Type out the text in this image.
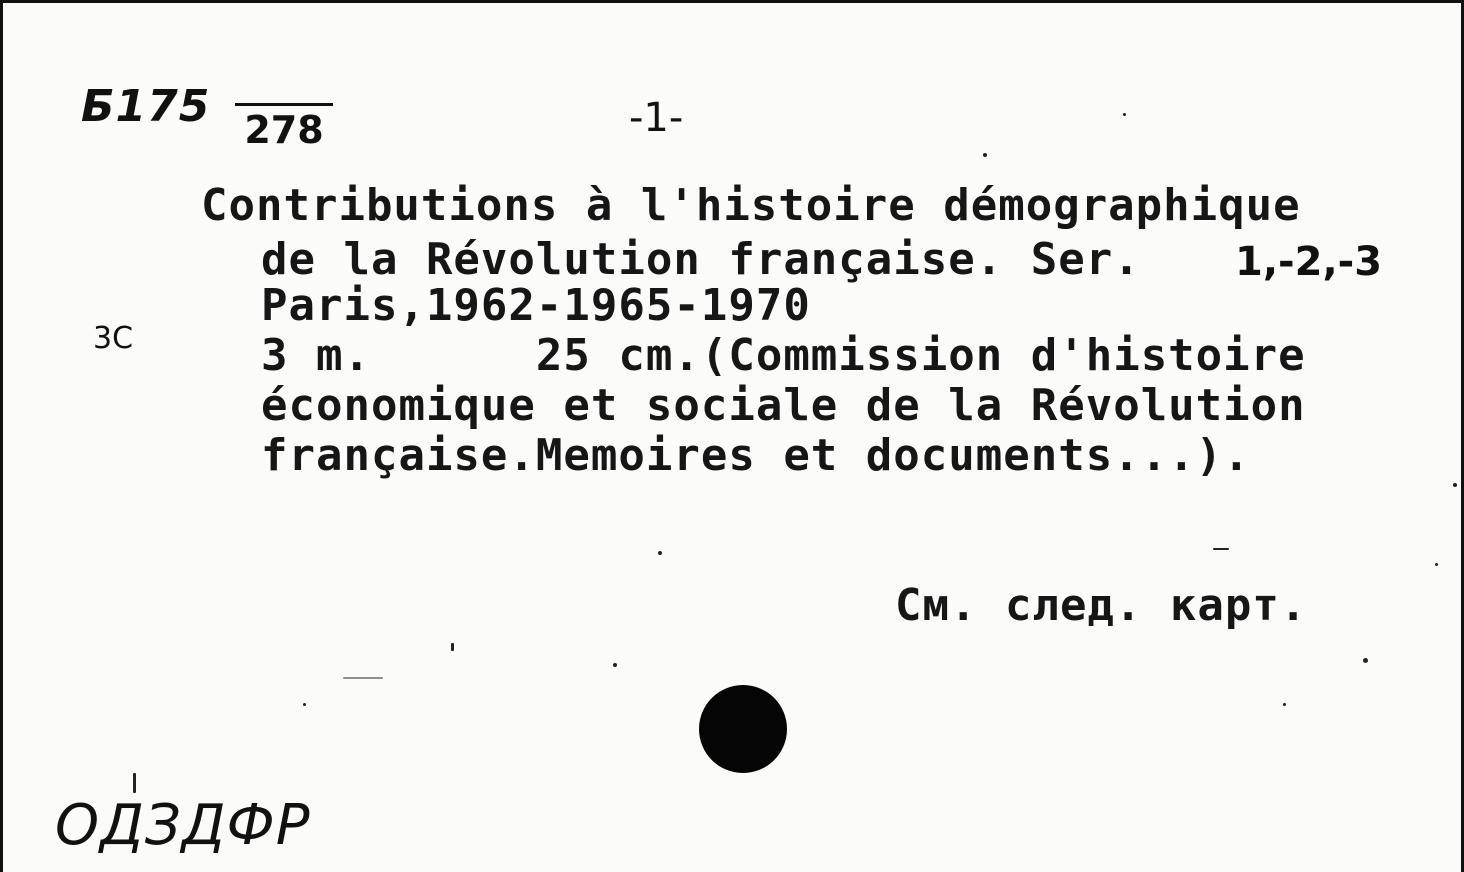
Б175 278	-1-
3C
Contributions à l'histoire démographique
de la Révolution française. Ser. 1,-2,-3
Paris,1962-1965-1970
3 m.      25 cm.(Commission d'histoire
économique et sociale de la Révolution
française.Memoires et documents...).
См. след. карт.
ОДЗДФР
